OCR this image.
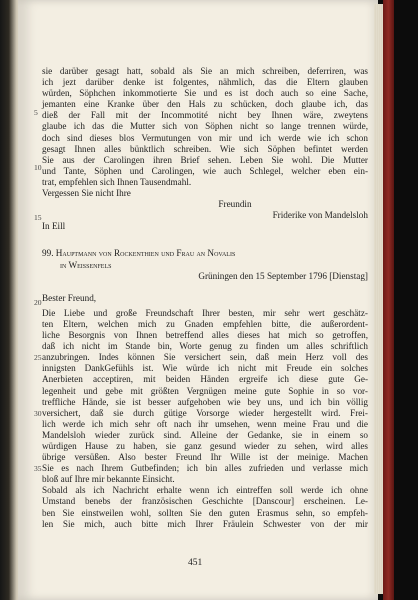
5
10
15
20
25
30
35
sie darüber gesagt hatt, sobald als Sie an mich schreiben, deferriren, was
ich jezt darüber denke ist folgentes, nähmlich, das die Eltern glauben
würden, Söphchen inkommotierte Sie und es ist doch auch so eine Sache,
jemanten eine Kranke über den Hals zu schücken, doch glaube ich, das
dieß der Fall mit der Incommotité nicht bey Ihnen wäre, zweytens
glaube ich das die Mutter sich von Söphen nicht so lange trennen würde,
doch sind dieses blos Vermutungen von mir und ich werde wie ich schon
gesagt Ihnen alles bünktlich schreiben. Wie sich Söphen befintet werden
Sie aus der Carolingen ihren Brief sehen. Leben Sie wohl. Die Mutter
und Tante, Söphen und Carolingen, wie auch Schlegel, welcher eben ein-
trat, empfehlen sich Ihnen Tausendmahl.
Vergessen Sie nicht Ihre
Freundin
Friderike von Mandelsloh
In Eill
99. Hauptmann von Rockenthien und Frau an Novalis
in Weissenfels
Grüningen den 15 September 1796 [Dienstag]
Bester Freund,
Die Liebe und große Freundschaft Ihrer besten, mir sehr wert geschätz-
ten Eltern, welchen mich zu Gnaden empfehlen bitte, die außerordent-
liche Besorgnis von Ihnen betreffend alles dieses hat mich so getroffen,
daß ich nicht im Stande bin, Worte genug zu finden um alles schriftlich
anzubringen. Indes können Sie versichert sein, daß mein Herz voll des
innigsten DankGefühls ist. Wie würde ich nicht mit Freude ein solches
Anerbieten acceptiren, mit beiden Händen ergreife ich diese gute Ge-
legenheit und gebe mit größten Vergnügen meine gute Sophie in so vor-
treffliche Hände, sie ist besser aufgehoben wie bey uns, und ich bin völlig
versichert, daß sie durch gütige Vorsorge wieder hergestellt wird. Frei-
lich werde ich mich sehr oft nach ihr umsehen, wenn meine Frau und die
Mandelsloh wieder zurück sind. Alleine der Gedanke, sie in einem so
würdigen Hause zu haben, sie ganz gesund wieder zu sehen, wird alles
übrige versüßen. Also bester Freund Ihr Wille ist der meinige. Machen
Sie es nach Ihrem Gutbefinden; ich bin alles zufrieden und verlasse mich
bloß auf Ihre mir bekannte Einsicht.
Sobald als ich Nachricht erhalte wenn ich eintreffen soll werde ich ohne
Umstand benebs der französischen Geschichte [Danscour] erscheinen. Le-
ben Sie einstweilen wohl, sollten Sie den guten Erasmus sehn, so empfeh-
len Sie mich, auch bitte mich Ihrer Fräulein Schwester von der mir
451
